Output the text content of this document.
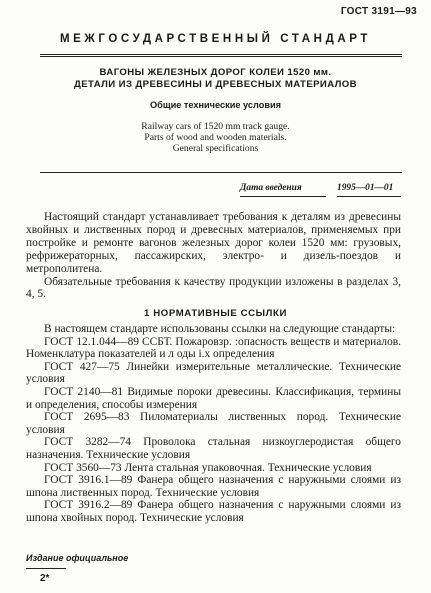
ГОСТ 3191—93
МЕЖГОСУДАРСТВЕННЫЙ СТАНДАРТ
ВАГОНЫ ЖЕЛЕЗНЫХ ДОРОГ КОЛЕИ 1520 мм.
ДЕТАЛИ ИЗ ДРЕВЕСИНЫ И ДРЕВЕСНЫХ МАТЕРИАЛОВ
Общие технические условия
Railway cars of 1520 mm track gauge.
Parts of wood and wooden materials.
General specifications
Дата введения	1995—01—01

Настоящий стандарт устанавливает требования к деталям из древесины хвойных и лиственных пород и древесных материалов, применяемых при постройке и ремонте вагонов железных дорог колеи 1520 мм: грузовых, рефрижераторных, пассажирских, электро- и дизель-поездов и метрополитена.

Обязательные требования к качеству продукции изложены в разделах 3, 4, 5.

1 НОРМАТИВНЫЕ ССЫЛКИ

В настоящем стандарте использованы ссылки на следующие стандарты:

ГОСТ 12.1.044—89 ССБТ. Пожаровзр. :опасность веществ и материалов. Номенклатура показателей и л оды і.х определения

ГОСТ 427—75 Линейки измерительные металлические. Технические условия

ГОСТ 2140—81 Видимые пороки древесины. Классификация, термины и определения, способы измерения

ГОСТ 2695—83 Пиломатериалы лиственных пород. Технические условия

ГОСТ 3282—74 Проволока стальная низкоуглеродистая общего назначения. Технические условия

ГОСТ 3560—73 Лента стальная упаковочная. Технические условия

ГОСТ 3916.1—89 Фанера общего назначения с наружными слоями из шпона лиственных пород. Технические условия

ГОСТ 3916.2—89 Фанера общего назначения с наружными слоями из шпона хвойных пород. Технические условия

Издание официальное
2*
